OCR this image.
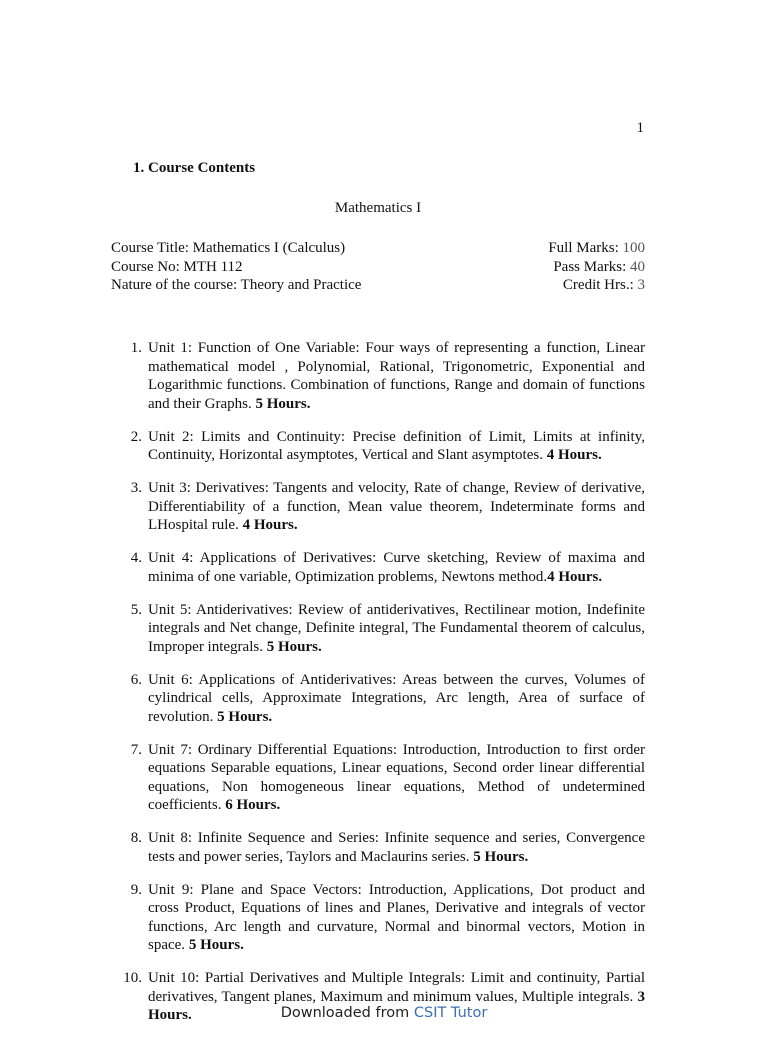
1
1. Course Contents
Mathematics I
Course Title: Mathematics I (Calculus)	Full Marks: 100
Course No: MTH 112	Pass Marks: 40
Nature of the course: Theory and Practice	Credit Hrs.: 3
1. Unit 1: Function of One Variable: Four ways of representing a function, Linear mathematical model , Polynomial, Rational, Trigonometric, Exponential and Logarithmic functions. Combination of functions, Range and domain of functions and their Graphs. 5 Hours.
2. Unit 2: Limits and Continuity: Precise definition of Limit, Limits at infinity, Continuity, Horizontal asymptotes, Vertical and Slant asymptotes. 4 Hours.
3. Unit 3: Derivatives: Tangents and velocity, Rate of change, Review of derivative, Differentiability of a function, Mean value theorem, Indeterminate forms and LHospital rule. 4 Hours.
4. Unit 4: Applications of Derivatives: Curve sketching, Review of maxima and minima of one variable, Optimization problems, Newtons method.4 Hours.
5. Unit 5: Antiderivatives: Review of antiderivatives, Rectilinear motion, Indefinite integrals and Net change, Definite integral, The Fundamental theorem of calculus, Improper integrals. 5 Hours.
6. Unit 6: Applications of Antiderivatives: Areas between the curves, Volumes of cylindrical cells, Approximate Integrations, Arc length, Area of surface of revolution. 5 Hours.
7. Unit 7: Ordinary Differential Equations: Introduction, Introduction to first order equations Separable equations, Linear equations, Second order linear differential equations, Non homogeneous linear equations, Method of undetermined coefficients. 6 Hours.
8. Unit 8: Infinite Sequence and Series: Infinite sequence and series, Convergence tests and power series, Taylors and Maclaurins series. 5 Hours.
9. Unit 9: Plane and Space Vectors: Introduction, Applications, Dot product and cross Product, Equations of lines and Planes, Derivative and integrals of vector functions, Arc length and curvature, Normal and binormal vectors, Motion in space. 5 Hours.
10. Unit 10: Partial Derivatives and Multiple Integrals: Limit and continuity, Partial derivatives, Tangent planes, Maximum and minimum values, Multiple integrals. 3 Hours.	Downloaded from CSIT Tutor
